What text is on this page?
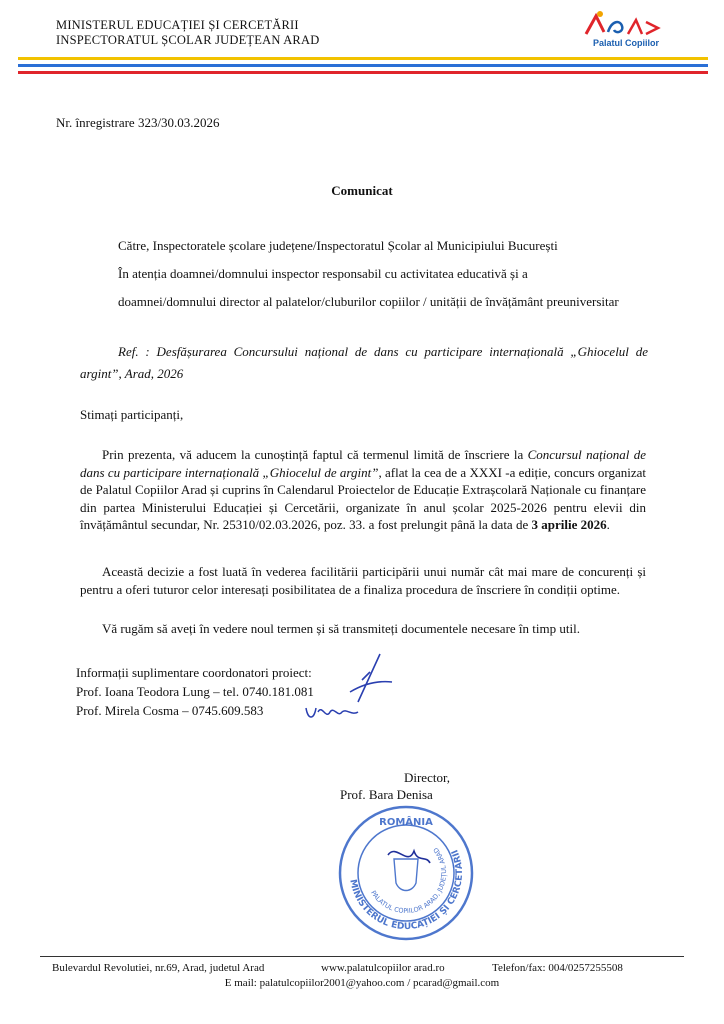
MINISTERUL EDUCAȚIEI ȘI CERCETĂRII
INSPECTORATUL ȘCOLAR JUDEȚEAN ARAD	Palatul Copiilor
Nr. înregistrare 323/30.03.2026
Comunicat
Către, Inspectoratele școlare județene/Inspectoratul Școlar al Municipiului București
În atenția doamnei/domnului inspector responsabil cu activitatea educativă și a
doamnei/domnului director al palatelor/cluburilor copiilor / unității de învățământ preuniversitar
Ref. : Desfășurarea Concursului național de dans cu participare internațională „Ghiocelul de argint”, Arad, 2026
Stimați participanți,
Prin prezenta, vă aducem la cunoștință faptul că termenul limită de înscriere la Concursul național de dans cu participare internațională „Ghiocelul de argint”, aflat la cea de a XXXI -a ediție, concurs organizat de Palatul Copiilor Arad și cuprins în Calendarul Proiectelor de Educație Extrașcolară Naționale cu finanțare din partea Ministerului Educației și Cercetării, organizate în anul școlar 2025-2026 pentru elevii din învățământul secundar, Nr. 25310/02.03.2026, poz. 33. a fost prelungit până la data de 3 aprilie 2026.
Această decizie a fost luată în vederea facilitării participării unui număr cât mai mare de concurenți și pentru a oferi tuturor celor interesați posibilitatea de a finaliza procedura de înscriere în condiții optime.
Vă rugăm să aveți în vedere noul termen și să transmiteți documentele necesare în timp util.
Informații suplimentare coordonatori proiect:
Prof. Ioana Teodora Lung – tel. 0740.181.081
Prof. Mirela Cosma – 0745.609.583
Director,
Prof. Bara Denisa
MINISTERUL EDUCAȚIEI ȘI CERCETĂRII
ROMÂNIA
PALATUL COPIILOR ARAD, JUDEȚUL ARAD
Bulevardul Revolutiei, nr.69, Arad, judetul Arad	www.palatulcopiilor arad.ro	Telefon/fax: 004/0257255508
E mail: palatulcopiilor2001@yahoo.com / pcarad@gmail.com
